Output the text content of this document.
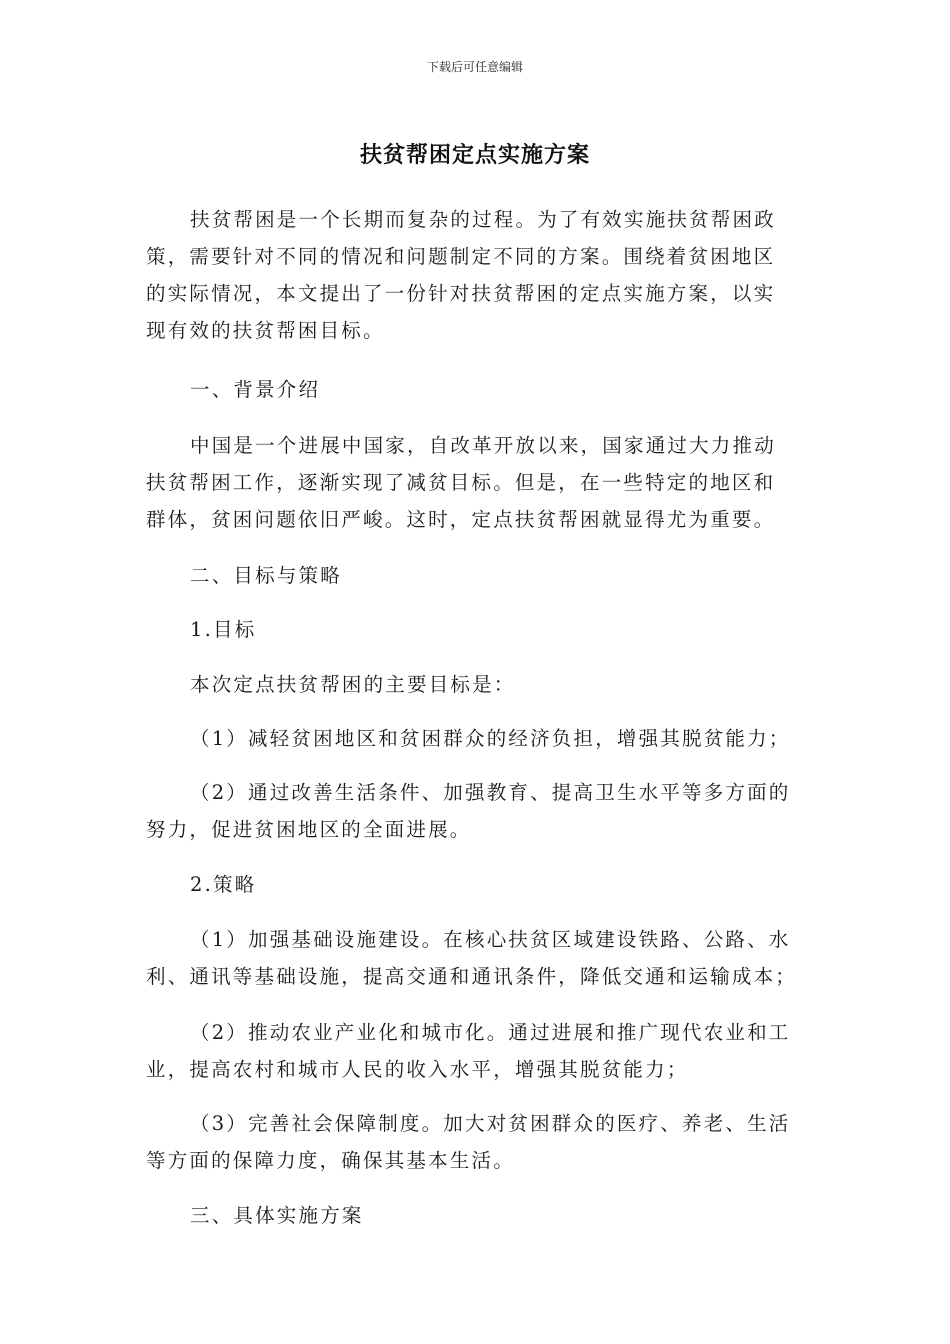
下载后可任意编辑
扶贫帮困定点实施方案

扶贫帮困是一个长期而复杂的过程。为了有效实施扶贫帮困政

策，需要针对不同的情况和问题制定不同的方案。围绕着贫困地区

的实际情况，本文提出了一份针对扶贫帮困的定点实施方案，以实

现有效的扶贫帮困目标。

一、背景介绍

中国是一个进展中国家，自改革开放以来，国家通过大力推动

扶贫帮困工作，逐渐实现了减贫目标。但是，在一些特定的地区和

群体，贫困问题依旧严峻。这时，定点扶贫帮困就显得尤为重要。

二、目标与策略

1.目标

本次定点扶贫帮困的主要目标是：

（1）减轻贫困地区和贫困群众的经济负担，增强其脱贫能力；

（2）通过改善生活条件、加强教育、提高卫生水平等多方面的

努力，促进贫困地区的全面进展。

2.策略

（1）加强基础设施建设。在核心扶贫区域建设铁路、公路、水

利、通讯等基础设施，提高交通和通讯条件，降低交通和运输成本；

（2）推动农业产业化和城市化。通过进展和推广现代农业和工

业，提高农村和城市人民的收入水平，增强其脱贫能力；

（3）完善社会保障制度。加大对贫困群众的医疗、养老、生活

等方面的保障力度，确保其基本生活。

三、具体实施方案
